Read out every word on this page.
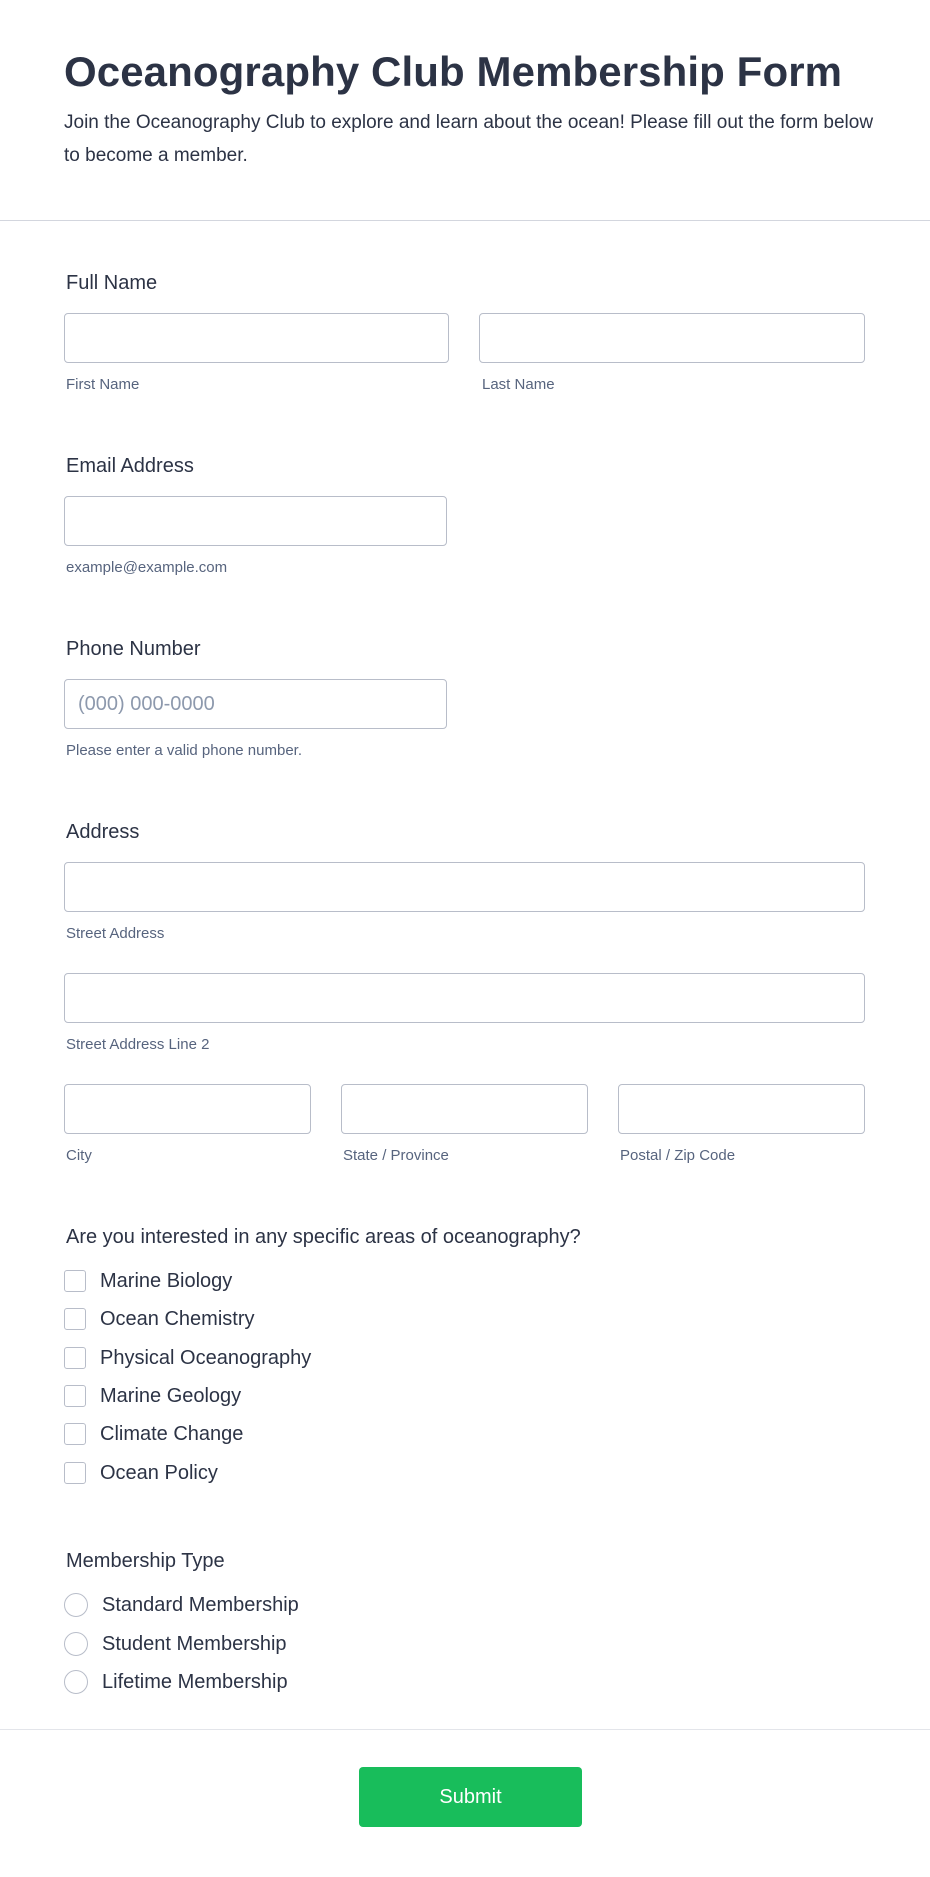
Oceanography Club Membership Form

Join the Oceanography Club to explore and learn about the ocean! Please fill out the form below to become a member.

Full Name
First Name	Last Name
Email Address
example@example.com
Phone Number
(000) 000-0000
Please enter a valid phone number.
Address
Street Address
Street Address Line 2
City	State / Province	Postal / Zip Code
Are you interested in any specific areas of oceanography?
Marine Biology
Ocean Chemistry
Physical Oceanography
Marine Geology
Climate Change
Ocean Policy
Membership Type
Standard Membership
Student Membership
Lifetime Membership
Submit
